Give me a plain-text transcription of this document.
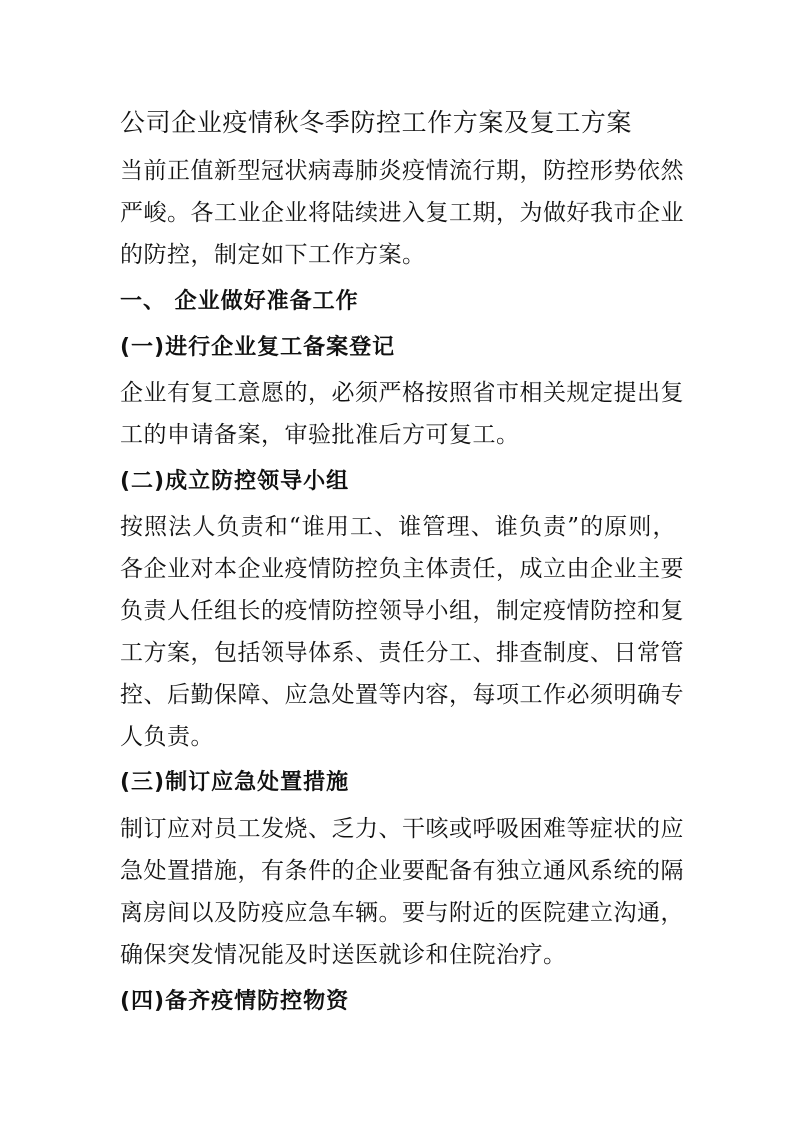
公司企业疫情秋冬季防控工作方案及复工方案
当前正值新型冠状病毒肺炎疫情流行期，防控形势依然
严峻。各工业企业将陆续进入复工期，为做好我市企业
的防控，制定如下工作方案。
一、 企业做好准备工作
(一)进行企业复工备案登记
企业有复工意愿的，必须严格按照省市相关规定提出复
工的申请备案，审验批准后方可复工。
(二)成立防控领导小组
按照法人负责和“谁用工、谁管理、谁负责”的原则，
各企业对本企业疫情防控负主体责任，成立由企业主要
负责人任组长的疫情防控领导小组，制定疫情防控和复
工方案，包括领导体系、责任分工、排查制度、日常管
控、后勤保障、应急处置等内容，每项工作必须明确专
人负责。
(三)制订应急处置措施
制订应对员工发烧、乏力、干咳或呼吸困难等症状的应
急处置措施，有条件的企业要配备有独立通风系统的隔
离房间以及防疫应急车辆。要与附近的医院建立沟通，
确保突发情况能及时送医就诊和住院治疗。
(四)备齐疫情防控物资
